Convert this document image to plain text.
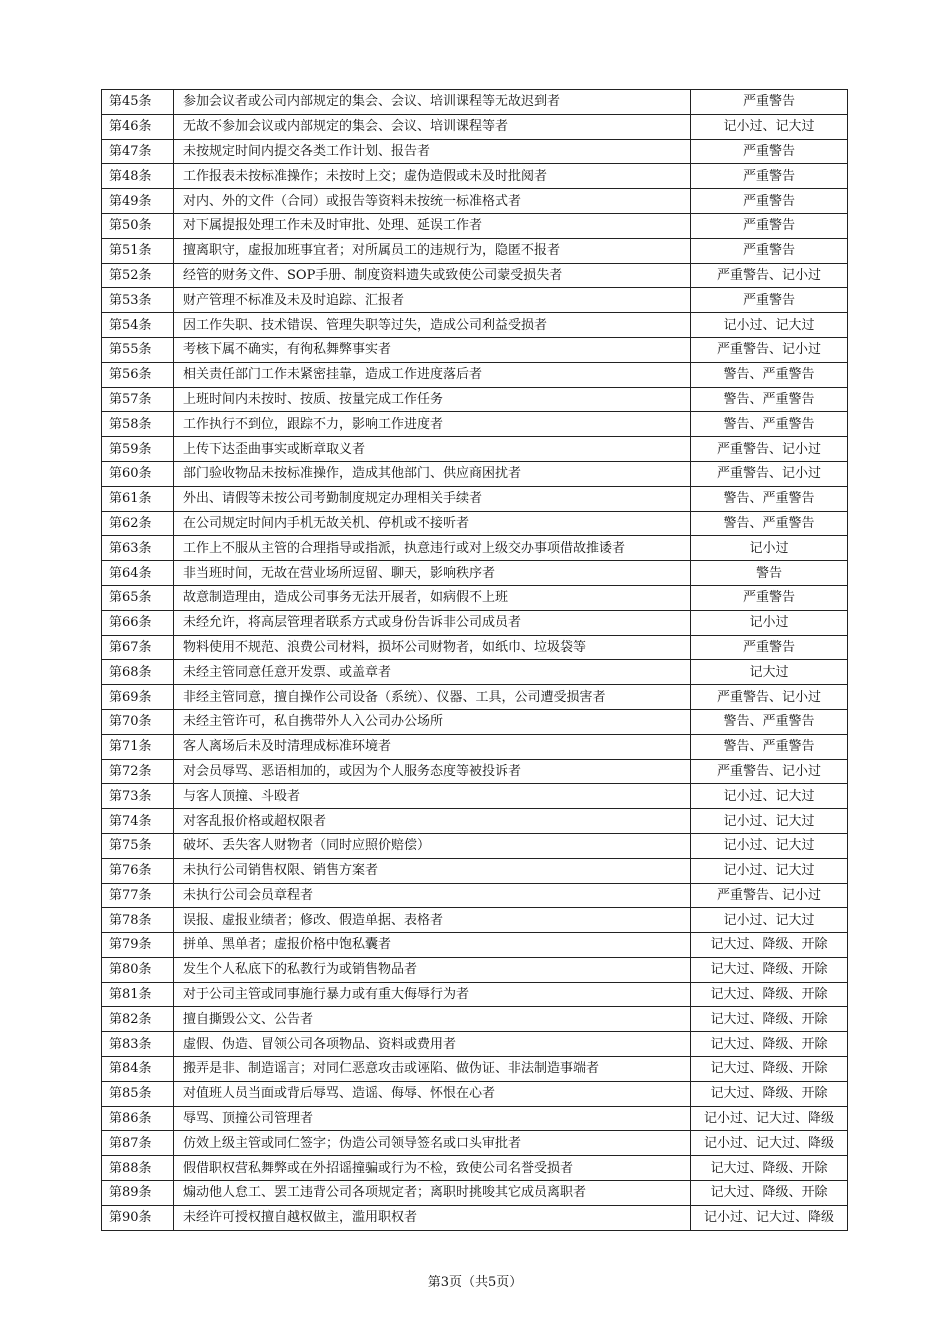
第45条	参加会议者或公司内部规定的集会、会议、培训课程等无故迟到者	严重警告
第46条	无故不参加会议或内部规定的集会、会议、培训课程等者	记小过、记大过
第47条	未按规定时间内提交各类工作计划、报告者	严重警告
第48条	工作报表未按标准操作；未按时上交；虚伪造假或未及时批阅者	严重警告
第49条	对内、外的文件（合同）或报告等资料未按统一标准格式者	严重警告
第50条	对下属提报处理工作未及时审批、处理、延误工作者	严重警告
第51条	擅离职守，虚报加班事宜者；对所属员工的违规行为，隐匿不报者	严重警告
第52条	经管的财务文件、SOP手册、制度资料遗失或致使公司蒙受损失者	严重警告、记小过
第53条	财产管理不标准及未及时追踪、汇报者	严重警告
第54条	因工作失职、技术错误、管理失职等过失，造成公司利益受损者	记小过、记大过
第55条	考核下属不确实，有徇私舞弊事实者	严重警告、记小过
第56条	相关责任部门工作未紧密挂靠，造成工作进度落后者	警告、严重警告
第57条	上班时间内未按时、按质、按量完成工作任务	警告、严重警告
第58条	工作执行不到位，跟踪不力，影响工作进度者	警告、严重警告
第59条	上传下达歪曲事实或断章取义者	严重警告、记小过
第60条	部门验收物品未按标准操作，造成其他部门、供应商困扰者	严重警告、记小过
第61条	外出、请假等未按公司考勤制度规定办理相关手续者	警告、严重警告
第62条	在公司规定时间内手机无故关机、停机或不接听者	警告、严重警告
第63条	工作上不服从主管的合理指导或指派，执意违行或对上级交办事项借故推诿者	记小过
第64条	非当班时间，无故在营业场所逗留、聊天，影响秩序者	警告
第65条	故意制造理由，造成公司事务无法开展者，如病假不上班	严重警告
第66条	未经允许，将高层管理者联系方式或身份告诉非公司成员者	记小过
第67条	物料使用不规范、浪费公司材料，损坏公司财物者，如纸巾、垃圾袋等	严重警告
第68条	未经主管同意任意开发票、或盖章者	记大过
第69条	非经主管同意，擅自操作公司设备（系统）、仪器、工具，公司遭受损害者	严重警告、记小过
第70条	未经主管许可，私自携带外人入公司办公场所	警告、严重警告
第71条	客人离场后未及时清理成标准环境者	警告、严重警告
第72条	对会员辱骂、恶语相加的，或因为个人服务态度等被投诉者	严重警告、记小过
第73条	与客人顶撞、斗殴者	记小过、记大过
第74条	对客乱报价格或超权限者	记小过、记大过
第75条	破坏、丢失客人财物者（同时应照价赔偿）	记小过、记大过
第76条	未执行公司销售权限、销售方案者	记小过、记大过
第77条	未执行公司会员章程者	严重警告、记小过
第78条	误报、虚报业绩者；修改、假造单据、表格者	记小过、记大过
第79条	拼单、黑单者；虚报价格中饱私囊者	记大过、降级、开除
第80条	发生个人私底下的私教行为或销售物品者	记大过、降级、开除
第81条	对于公司主管或同事施行暴力或有重大侮辱行为者	记大过、降级、开除
第82条	擅自撕毁公文、公告者	记大过、降级、开除
第83条	虚假、伪造、冒领公司各项物品、资料或费用者	记大过、降级、开除
第84条	搬弄是非、制造谣言；对同仁恶意攻击或诬陷、做伪证、非法制造事端者	记大过、降级、开除
第85条	对值班人员当面或背后辱骂、造谣、侮辱、怀恨在心者	记大过、降级、开除
第86条	辱骂、顶撞公司管理者	记小过、记大过、降级
第87条	仿效上级主管或同仁签字；伪造公司领导签名或口头审批者	记小过、记大过、降级
第88条	假借职权营私舞弊或在外招谣撞骗或行为不检，致使公司名誉受损者	记大过、降级、开除
第89条	煽动他人怠工、罢工违背公司各项规定者；离职时挑唆其它成员离职者	记大过、降级、开除
第90条	未经许可授权擅自越权做主，滥用职权者	记小过、记大过、降级
第3页（共5页）
